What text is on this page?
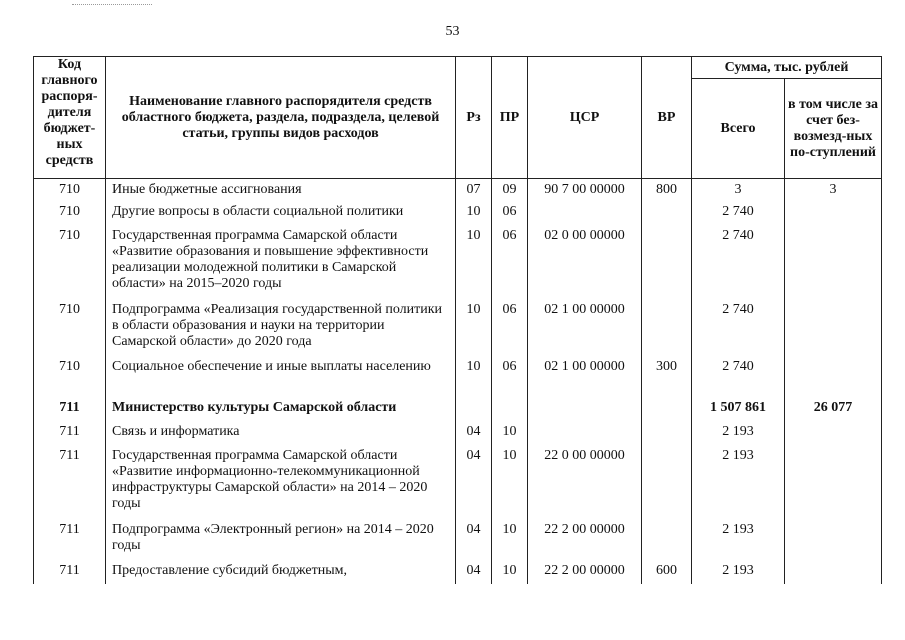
53
Код главного распоря-дителя бюджет-ных средств	Наименование главного распорядителя средств областного бюджета, раздела, подраздела, целевой статьи, группы видов расходов	Рз	ПР	ЦСР	ВР	Сумма, тыс. рублей	
						Всего	в том числе за счет без-возмезд-ных по-ступлений
710	Иные бюджетные ассигнования	07	09	90 7 00 00000	800	3	3
710	Другие вопросы в области социальной политики	10	06			2 740	
710	Государственная программа Самарской области «Развитие образования и повышение эффективности реализации молодежной политики в Самарской области» на 2015–2020 годы	10	06	02 0 00 00000		2 740	
710	Подпрограмма «Реализация государственной политики в области образования и науки на территории Самарской области» до 2020 года	10	06	02 1 00 00000		2 740	
710	Социальное обеспечение и иные выплаты населению	10	06	02 1 00 00000	300	2 740	
711	Министерство культуры Самарской области					1 507 861	26 077
711	Связь и информатика	04	10			2 193	
711	Государственная программа Самарской области «Развитие информационно-телекоммуникационной инфраструктуры Самарской области» на 2014 – 2020 годы	04	10	22 0 00 00000		2 193	
711	Подпрограмма «Электронный регион» на 2014 – 2020 годы	04	10	22 2 00 00000		2 193	
711	Предоставление субсидий бюджетным,	04	10	22 2 00 00000	600	2 193	
